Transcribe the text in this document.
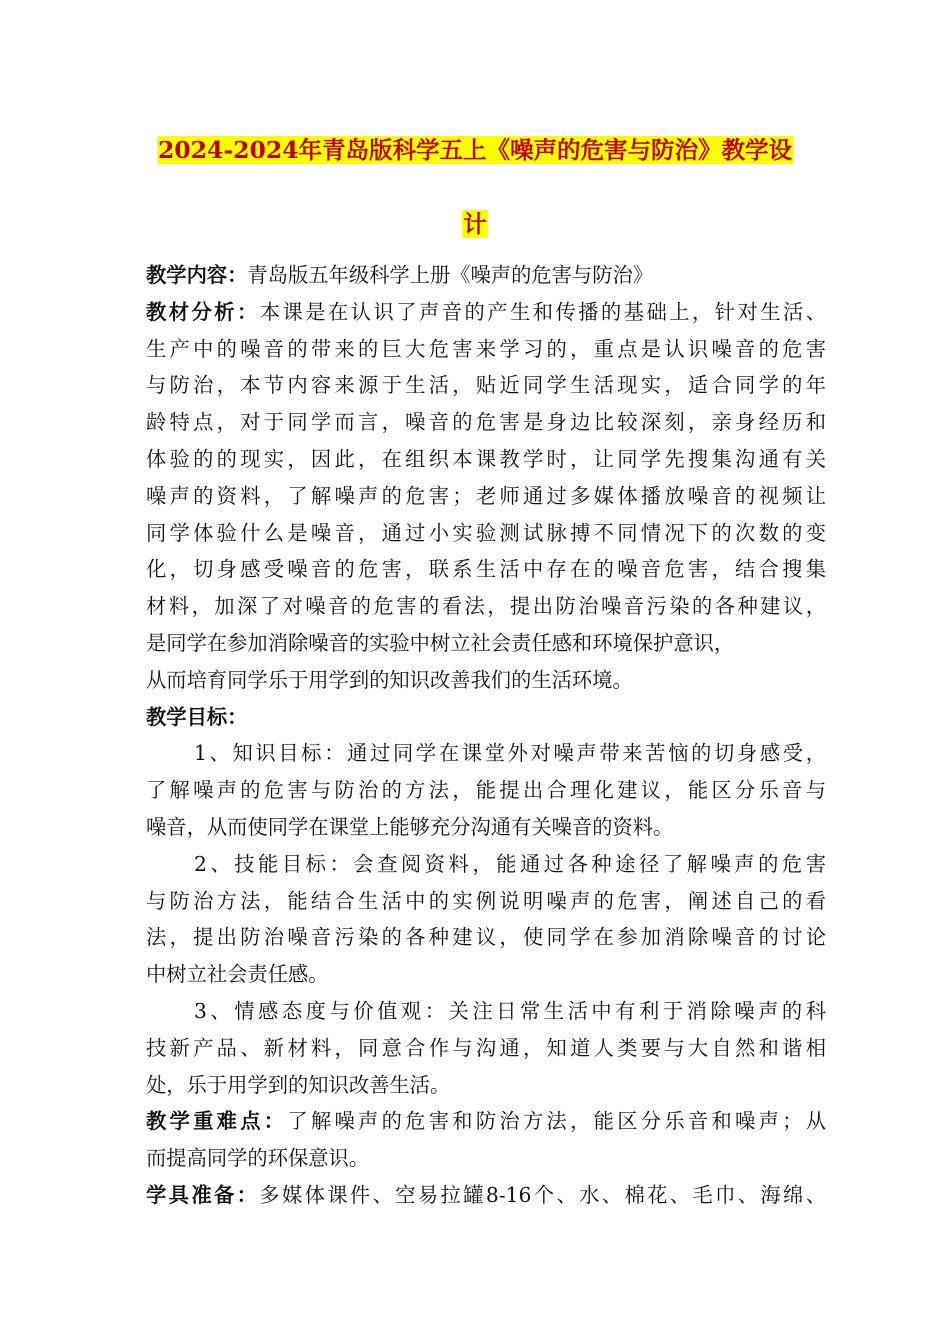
2024-2024年青岛版科学五上《噪声的危害与防治》教学设
计
教学内容：青岛版五年级科学上册《噪声的危害与防治》
教材分析：本课是在认识了声音的产生和传播的基础上，针对生活、
生产中的噪音的带来的巨大危害来学习的，重点是认识噪音的危害
与防治，本节内容来源于生活，贴近同学生活现实，适合同学的年
龄特点，对于同学而言，噪音的危害是身边比较深刻，亲身经历和
体验的的现实，因此，在组织本课教学时，让同学先搜集沟通有关
噪声的资料，了解噪声的危害；老师通过多媒体播放噪音的视频让
同学体验什么是噪音，通过小实验测试脉搏不同情况下的次数的变
化，切身感受噪音的危害，联系生活中存在的噪音危害，结合搜集
材料，加深了对噪音的危害的看法，提出防治噪音污染的各种建议，
是同学在参加消除噪音的实验中树立社会责任感和环境保护意识，
从而培育同学乐于用学到的知识改善我们的生活环境。
教学目标：
1、知识目标：通过同学在课堂外对噪声带来苦恼的切身感受，
了解噪声的危害与防治的方法，能提出合理化建议，能区分乐音与
噪音，从而使同学在课堂上能够充分沟通有关噪音的资料。
2、技能目标：会查阅资料，能通过各种途径了解噪声的危害
与防治方法，能结合生活中的实例说明噪声的危害，阐述自己的看
法，提出防治噪音污染的各种建议，使同学在参加消除噪音的讨论
中树立社会责任感。
3、情感态度与价值观：关注日常生活中有利于消除噪声的科
技新产品、新材料，同意合作与沟通，知道人类要与大自然和谐相
处，乐于用学到的知识改善生活。
教学重难点：了解噪声的危害和防治方法，能区分乐音和噪声；从
而提高同学的环保意识。
学具准备：多媒体课件、空易拉罐8-16个、水、棉花、毛巾、海绵、
